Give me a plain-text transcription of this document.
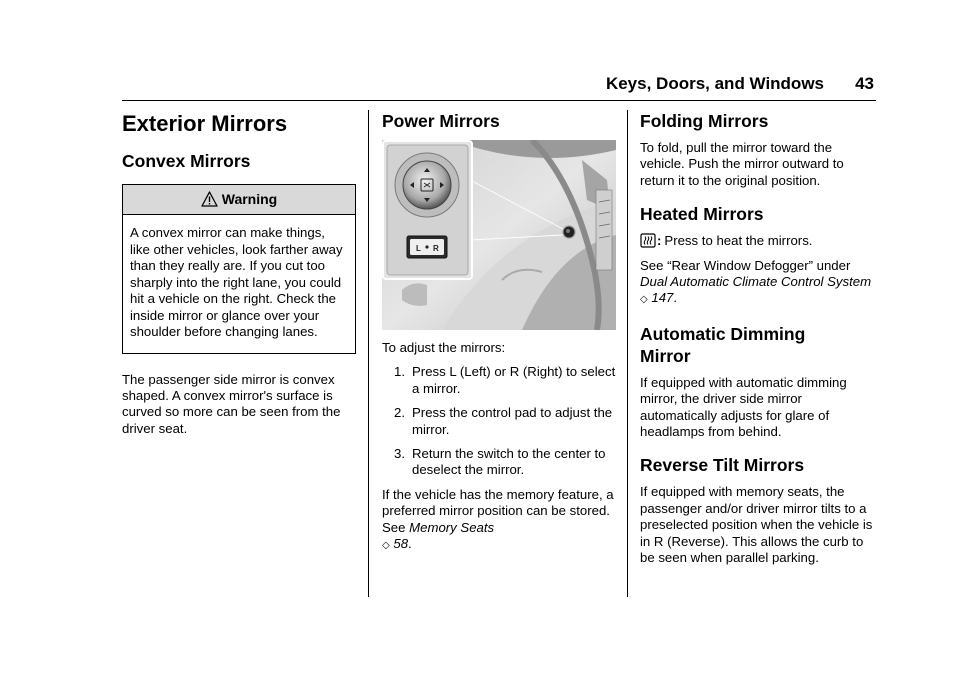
Keys, Doors, and Windows 43
Exterior Mirrors
Convex Mirrors
Warning

A convex mirror can make things, like other vehicles, look farther away than they really are. If you cut too sharply into the right lane, you could hit a vehicle on the right. Check the inside mirror or glance over your shoulder before changing lanes.

The passenger side mirror is convex shaped. A convex mirror's surface is curved so more can be seen from the driver seat.

Power Mirrors
L R

To adjust the mirrors:

1. Press L (Left) or R (Right) to select a mirror.
2. Press the control pad to adjust the mirror.
3. Return the switch to the center to deselect the mirror.

If the vehicle has the memory feature, a preferred mirror position can be stored. See Memory Seats
◇ 58.

Folding Mirrors

To fold, pull the mirror toward the vehicle. Push the mirror outward to return it to the original position.

Heated Mirrors

: Press to heat the mirrors.

See “Rear Window Defogger” under Dual Automatic Climate Control System ◇ 147.

Automatic Dimming Mirror

If equipped with automatic dimming mirror, the driver side mirror automatically adjusts for glare of headlamps from behind.

Reverse Tilt Mirrors

If equipped with memory seats, the passenger and/or driver mirror tilts to a preselected position when the vehicle is in R (Reverse). This allows the curb to be seen when parallel parking.
